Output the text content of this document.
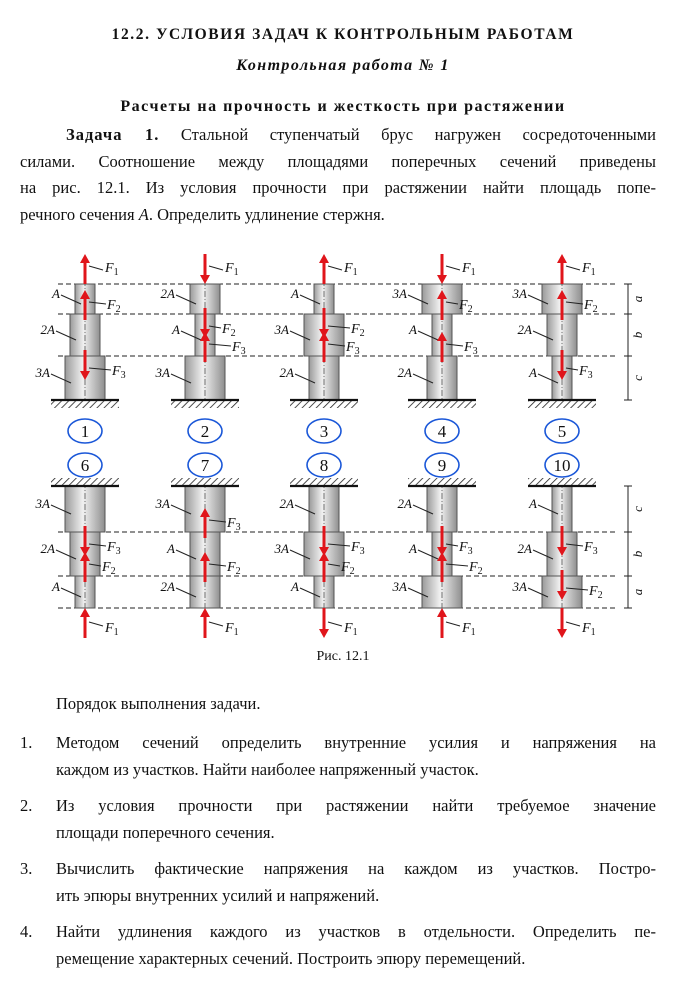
12.2. УСЛОВИЯ ЗАДАЧ К КОНТРОЛЬНЫМ РАБОТАМ
Контрольная работа № 1
Расчеты на прочность и жесткость при растяжении
Задача 1. Стальной ступенчатый брус нагружен сосредоточенными
силами. Соотношение между площадями поперечных сечений приведены
на рис. 12.1. Из условия прочности при растяжении найти площадь попе-
речного сечения A. Определить удлинение стержня.
1
A
2A
3A
$F_1$
$F_2$
$F_3$
2
2A
A
3A
$F_1$
$F_2$
$F_3$
3
A
3A
2A
$F_1$
$F_2$
$F_3$
4
3A
A
2A
$F_1$
$F_2$
$F_3$
5
3A
2A
A
$F_1$
$F_2$
$F_3$
6
3A
2A
A
$F_1$
$F_2$
$F_3$
7
3A
A
2A
$F_1$
$F_2$
$F_3$
8
2A
3A
A
$F_1$
$F_2$
$F_3$
9
2A
A
3A
$F_1$
$F_2$
$F_3$
10
A
2A
3A
$F_1$
$F_2$
$F_3$
a
b
c
c
b
a
Рис. 12.1
Порядок выполнения задачи.
1. Методом сечений определить внутренние усилия и напряжения на
каждом из участков. Найти наиболее напряженный участок.
2. Из условия прочности при растяжении найти требуемое значение
площади поперечного сечения.
3. Вычислить фактические напряжения на каждом из участков. Постро-
ить эпюры внутренних усилий и напряжений.
4. Найти удлинения каждого из участков в отдельности. Определить пе-
ремещение характерных сечений. Построить эпюру перемещений.
